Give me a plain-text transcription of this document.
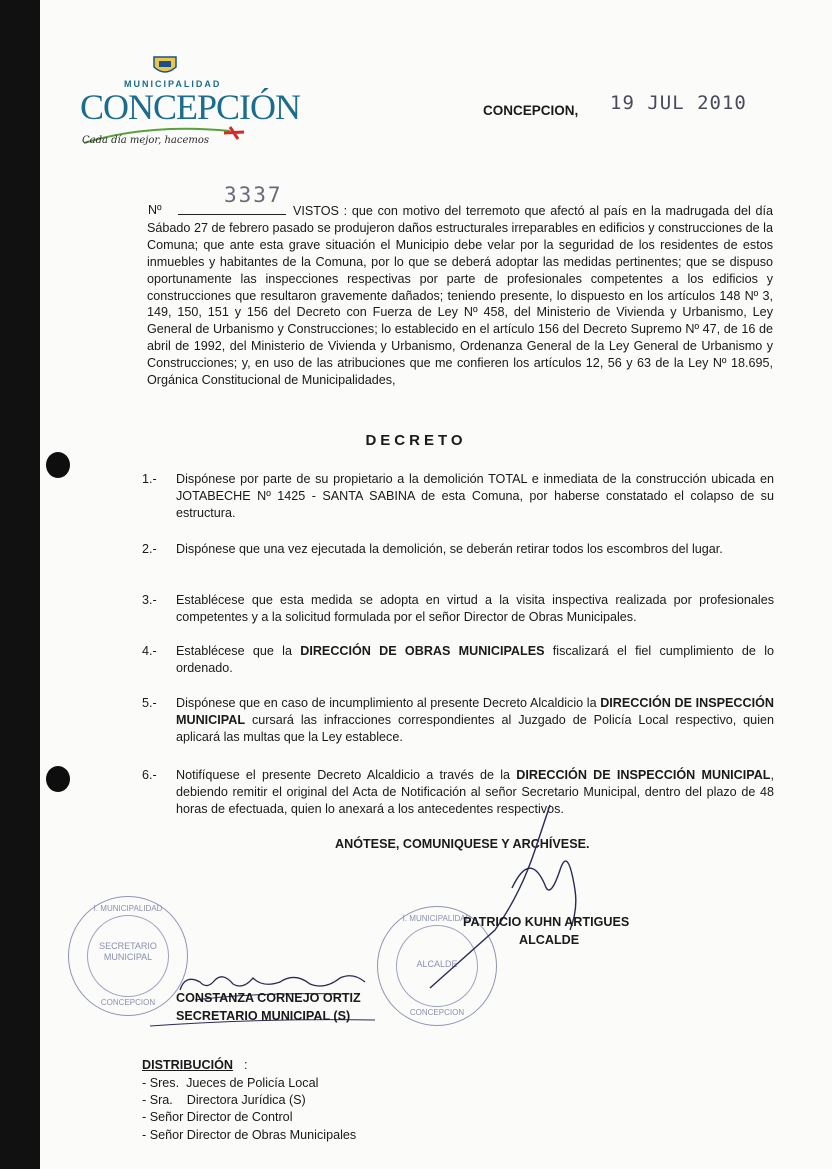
MUNICIPALIDAD
CONCEPCIÓN
Cada día mejor, hacemos
CONCEPCION, 19 JUL 2010
Nº
3337
VISTOS : que con motivo del terremoto que afectó al país en la madrugada del día Sábado 27 de febrero pasado se produjeron daños estructurales irreparables en edificios y construcciones de la Comuna; que ante esta grave situación el Municipio debe velar por la seguridad de los residentes de estos inmuebles y habitantes de la Comuna, por lo que se deberá adoptar las medidas pertinentes; que se dispuso oportunamente las inspecciones respectivas por parte de profesionales competentes a los edificios y construcciones que resultaron gravemente dañados; teniendo presente, lo dispuesto en los artículos 148 Nº 3, 149, 150, 151 y 156 del Decreto con Fuerza de Ley Nº 458, del Ministerio de Vivienda y Urbanismo, Ley General de Urbanismo y Construcciones; lo establecido en el artículo 156 del Decreto Supremo Nº 47, de 16 de abril de 1992, del Ministerio de Vivienda y Urbanismo, Ordenanza General de la Ley General de Urbanismo y Construcciones; y, en uso de las atribuciones que me confieren los artículos 12, 56 y 63 de la Ley Nº 18.695, Orgánica Constitucional de Municipalidades,
DECRETO
1.-	Dispónese por parte de su propietario a la demolición TOTAL e inmediata de la construcción ubicada en JOTABECHE Nº 1425 - SANTA SABINA de esta Comuna, por haberse constatado el colapso de su estructura.
2.-	Dispónese que una vez ejecutada la demolición, se deberán retirar todos los escombros del lugar.
3.-	Establécese que esta medida se adopta en virtud a la visita inspectiva realizada por profesionales competentes y a la solicitud formulada por el señor Director de Obras Municipales.
4.-	Establécese que la DIRECCIÓN DE OBRAS MUNICIPALES fiscalizará el fiel cumplimiento de lo ordenado.
5.-	Dispónese que en caso de incumplimiento al presente Decreto Alcaldicio la DIRECCIÓN DE INSPECCIÓN MUNICIPAL cursará las infracciones correspondientes al Juzgado de Policía Local respectivo, quien aplicará las multas que la Ley establece.
6.-	Notifíquese el presente Decreto Alcaldicio a través de la DIRECCIÓN DE INSPECCIÓN MUNICIPAL, debiendo remitir el original del Acta de Notificación al señor Secretario Municipal, dentro del plazo de 48 horas de efectuada, quien lo anexará a los antecedentes respectivos.
ANÓTESE, COMUNIQUESE Y ARCHÍVESE.
SECRETARIO MUNICIPAL
I. MUNICIPALIDAD
CONCEPCION
ALCALDE
I. MUNICIPALIDAD
CONCEPCION
PATRICIO KUHN ARTIGUES
ALCALDE
CONSTANZA CORNEJO ORTIZ
SECRETARIO MUNICIPAL (S)
DISTRIBUCIÓN :
- Sres.  Jueces de Policía Local
- Sra.    Directora Jurídica (S)
- Señor Director de Control
- Señor Director de Obras Municipales
